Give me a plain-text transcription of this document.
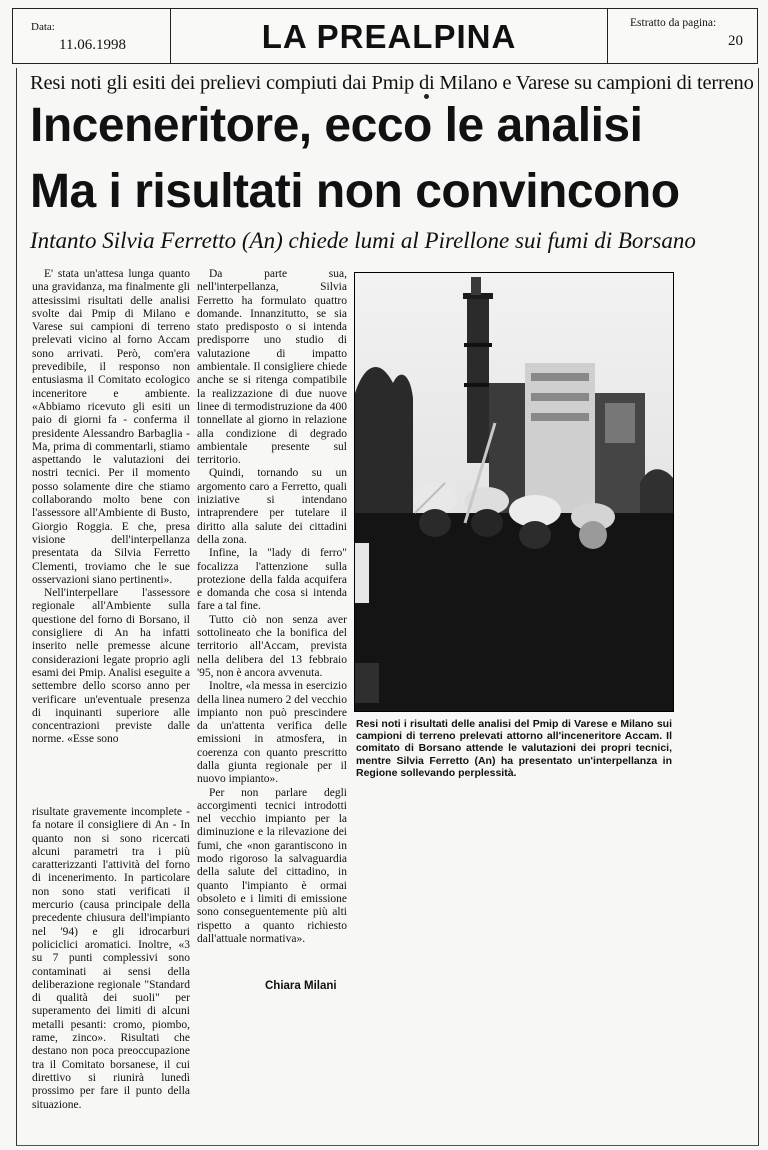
Data:
11.06.1998	LA PREALPINA	Estratto da pagina:
20
Resi noti gli esiti dei prelievi compiuti dai Pmip di Milano e Varese su campioni di terreno
Inceneritore, ecco le analisi
Ma i risultati non convincono
Intanto Silvia Ferretto (An) chiede lumi al Pirellone sui fumi di Borsano

E' stata un'attesa lunga quanto una gravidanza, ma finalmente gli attesissimi risultati delle analisi svolte dai Pmip di Milano e Varese sui campioni di terreno prelevati vicino al forno Accam sono arrivati. Però, com'era prevedibile, il responso non entusiasma il Comitato ecologico inceneritore e ambiente. «Abbiamo ricevuto gli esiti un paio di giorni fa - conferma il presidente Alessandro Barbaglia - Ma, prima di commentarli, stiamo aspettando le valutazioni dei nostri tecnici. Per il momento posso solamente dire che stiamo collaborando molto bene con l'assessore all'Ambiente di Busto, Giorgio Roggia. E che, presa visione dell'interpellanza presentata da Silvia Ferretto Clementi, troviamo che le sue osservazioni siano pertinenti».

Nell'interpellare l'assessore regionale all'Ambiente sulla questione del forno di Borsano, il consigliere di An ha infatti inserito nelle premesse alcune considerazioni legate proprio agli esami dei Pmip. Analisi eseguite a settembre dello scorso anno per verificare un'eventuale presenza di inquinanti superiore alle concentrazioni previste dalle norme. «Esse sono

risultate gravemente incomplete - fa notare il consigliere di An - In quanto non si sono ricercati alcuni parametri tra i più caratterizzanti l'attività del forno di incenerimento. In particolare non sono stati verificati il mercurio (causa principale della precedente chiusura dell'impianto nel '94) e gli idrocarburi policiclici aromatici. Inoltre, «3 su 7 punti complessivi sono contaminati ai sensi della deliberazione regionale "Standard di qualità dei suoli" per superamento dei limiti di alcuni metalli pesanti: cromo, piombo, rame, zinco». Risultati che destano non poca preoccupazione tra il Comitato borsanese, il cui direttivo si riunirà lunedì prossimo per fare il punto della situazione.

Da parte sua, nell'interpellanza, Silvia Ferretto ha formulato quattro domande. Innanzitutto, se sia stato predisposto o si intenda predisporre uno studio di valutazione di impatto ambientale. Il consigliere chiede anche se si ritenga compatibile la realizzazione di due nuove linee di termodistruzione da 400 tonnellate al giorno in relazione alla condizione di degrado ambientale presente sul territorio.

Quindi, tornando su un argomento caro a Ferretto, quali iniziative si intendano intraprendere per tutelare il diritto alla salute dei cittadini della zona.

Infine, la "lady di ferro" focalizza l'attenzione sulla protezione della falda acquifera e domanda che cosa si intenda fare a tal fine.

Tutto ciò non senza aver sottolineato che la bonifica del territorio all'Accam, prevista nella delibera del 13 febbraio '95, non è ancora avvenuta.

Inoltre, «la messa in esercizio della linea numero 2 del vecchio impianto non può prescindere da un'attenta verifica delle emissioni in atmosfera, in coerenza con quanto prescritto dalla giunta regionale per il nuovo impianto».

Per non parlare degli accorgimenti tecnici introdotti nel vecchio impianto per la diminuzione e la rilevazione dei fumi, che «non garantiscono in modo rigoroso la salvaguardia della salute del cittadino, in quanto l'impianto è ormai obsoleto e i limiti di emissione sono conseguentemente più alti rispetto a quanto richiesto dall'attuale normativa».

Chiara Milani
Resi noti i risultati delle analisi del Pmip di Varese e Milano sui campioni di terreno prelevati attorno all'inceneritore Accam. Il comitato di Borsano attende le valutazioni dei propri tecnici, mentre Silvia Ferretto (An) ha presentato un'interpellanza in Regione sollevando perplessità.
